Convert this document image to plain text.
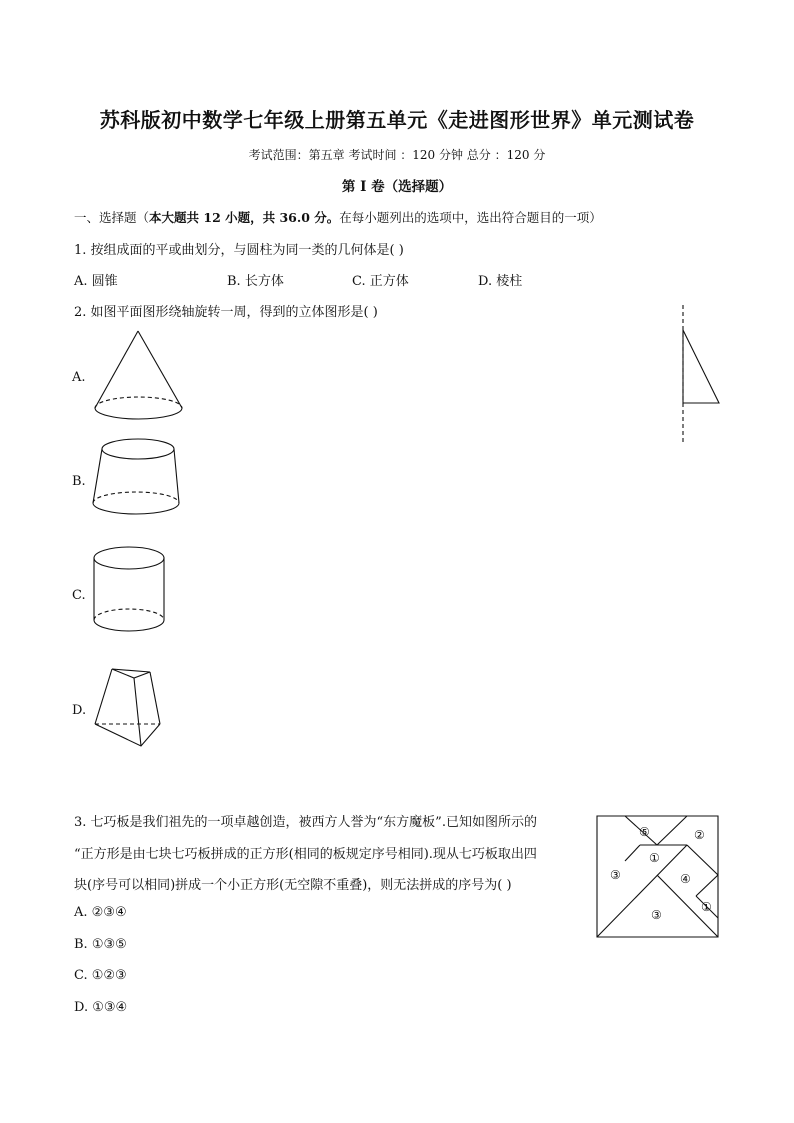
苏科版初中数学七年级上册第五单元《走进图形世界》单元测试卷
考试范围：第五章 考试时间 ：120 分钟 总分 ：120 分
第 I 卷（选择题）
一、选择题（本大题共 12 小题，共 36.0 分。在每小题列出的选项中，选出符合题目的一项）
1. 按组成面的平或曲划分，与圆柱为同一类的几何体是( )
A. 圆锥	B. 长方体	C. 正方体	D. 棱柱
2. 如图平面图形绕轴旋转一周，得到的立体图形是( )
A.
B.
C.
D.
3. 七巧板是我们祖先的一项卓越创造，被西方人誉为“东方魔板”.已知如图所示的
“正方形是由七块七巧板拼成的正方形(相同的板规定序号相同).现从七巧板取出四
块(序号可以相同)拼成一个小正方形(无空隙不重叠)，则无法拼成的序号为( )
A. ②③④
B. ①③⑤
C. ①②③
D. ①③④
⑤	②
①
③	④
③
①
